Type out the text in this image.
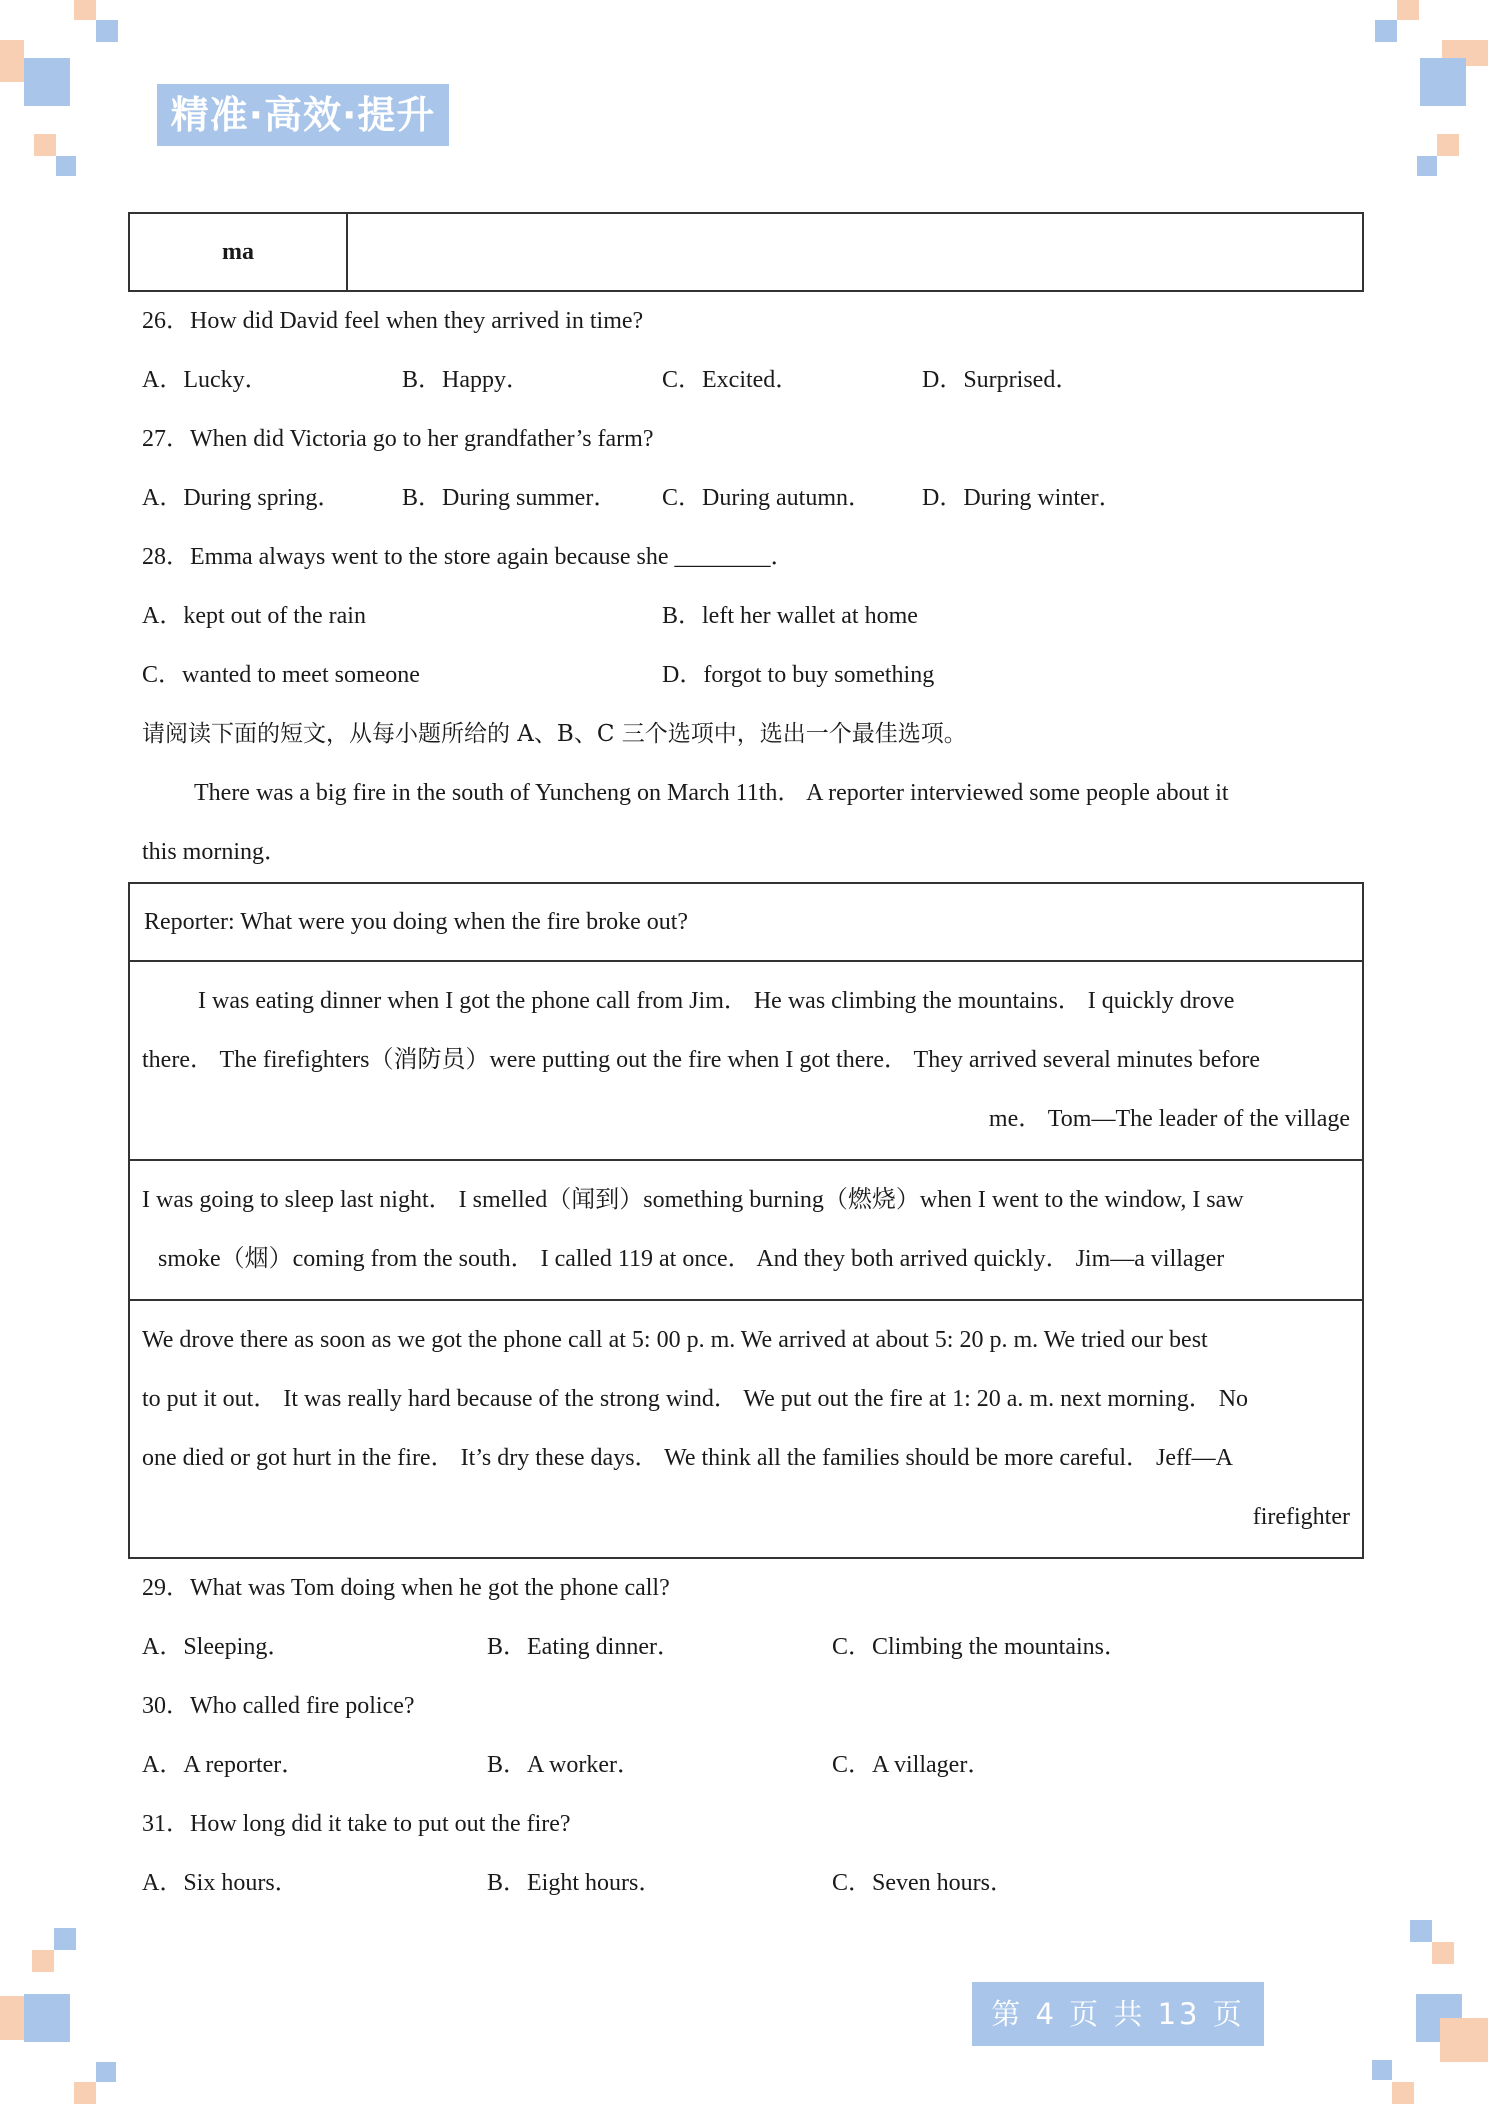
精准·高效·提升
ma	
26．How did David feel when they arrived in time?
A．Lucky．	B．Happy．	C．Excited．	D．Surprised．
27．When did Victoria go to her grandfather’s farm?
A．During spring．	B．During summer．	C．During autumn．	D．During winter．
28．Emma always went to the store again because she ________．
A．kept out of the rain	B．left her wallet at home
C．wanted to meet someone	D．forgot to buy something
请阅读下面的短文，从每小题所给的 A、B、C 三个选项中，选出一个最佳选项。
There was a big fire in the south of Yuncheng on March 11th． A reporter interviewed some people about it
this morning．
Reporter: What were you doing when the fire broke out?

I was eating dinner when I got the phone call from Jim． He was climbing the mountains． I quickly drove
there． The firefighters（消防员）were putting out the fire when I got there． They arrived several minutes before
me． Tom—The leader of the village

I was going to sleep last night． I smelled（闻到）something burning（燃烧）when I went to the window, I saw
smoke（烟）coming from the south． I called 119 at once． And they both arrived quickly． Jim—a villager

We drove there as soon as we got the phone call at 5: 00 p. m. We arrived at about 5: 20 p. m. We tried our best
to put it out． It was really hard because of the strong wind． We put out the fire at 1: 20 a. m. next morning． No
one died or got hurt in the fire． It’s dry these days． We think all the families should be more careful． Jeff—A
firefighter
29．What was Tom doing when he got the phone call?
A．Sleeping．	B．Eating dinner．	C．Climbing the mountains．
30．Who called fire police?
A．A reporter．	B．A worker．	C．A villager．
31．How long did it take to put out the fire?
A．Six hours．	B．Eight hours．	C．Seven hours．
第 4 页 共 13 页
